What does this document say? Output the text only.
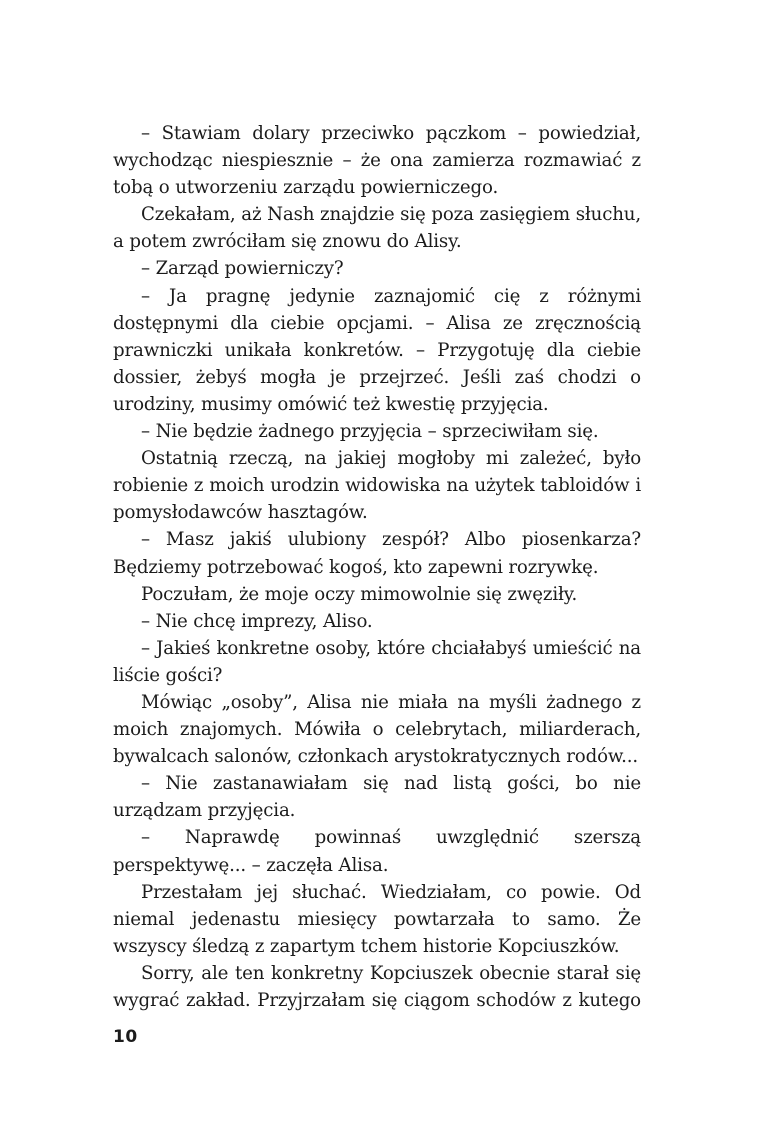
– Stawiam dolary przeciwko pączkom – powiedział, wychodząc niespiesznie – że ona zamierza rozmawiać z tobą o utworzeniu zarządu powierniczego.

Czekałam, aż Nash znajdzie się poza zasięgiem słuchu, a potem zwróciłam się znowu do Alisy.

– Zarząd powierniczy?

– Ja pragnę jedynie zaznajomić cię z różnymi dostępnymi dla ciebie opcjami. – Alisa ze zręcznością prawniczki unikała konkretów. – Przygotuję dla ciebie dossier, żebyś mogła je przejrzeć. Jeśli zaś chodzi o urodziny, musimy omówić też kwestię przyjęcia.

– Nie będzie żadnego przyjęcia – sprzeciwiłam się.

Ostatnią rzeczą, na jakiej mogłoby mi zależeć, było robienie z moich urodzin widowiska na użytek tabloidów i pomysłodawców hasztagów.

– Masz jakiś ulubiony zespół? Albo piosenkarza? Będziemy potrzebować kogoś, kto zapewni rozrywkę.

Poczułam, że moje oczy mimowolnie się zwęziły.

– Nie chcę imprezy, Aliso.

– Jakieś konkretne osoby, które chciałabyś umieścić na liście gości?

Mówiąc „osoby”, Alisa nie miała na myśli żadnego z moich znajomych. Mówiła o celebrytach, miliarderach, bywalcach salonów, członkach arystokratycznych rodów...

– Nie zastanawiałam się nad listą gości, bo nie urządzam przyjęcia.

– Naprawdę powinnaś uwzględnić szerszą perspektywę... – zaczęła Alisa.

Przestałam jej słuchać. Wiedziałam, co powie. Od niemal jedenastu miesięcy powtarzała to samo. Że wszyscy śledzą z zapartym tchem historie Kopciuszków.

Sorry, ale ten konkretny Kopciuszek obecnie starał się wygrać zakład. Przyjrzałam się ciągom schodów z kutego

10
